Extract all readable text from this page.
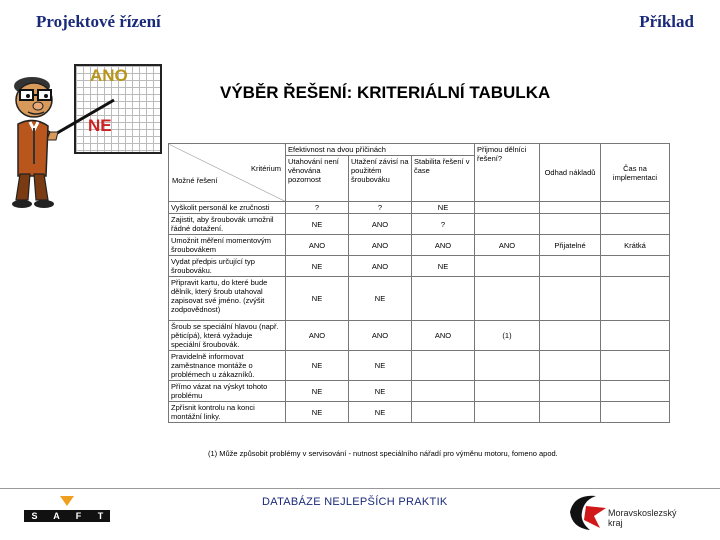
Projektové řízení	Příklad
ANO
NE
VÝBĚR ŘEŠENÍ: KRITERIÁLNÍ TABULKA
Kritérium
Možné řešení	Efektivnost na dvou příčinách			Přijmou dělníci řešení?	Odhad nákladů	Čas na implementaci
	Utahování není věnována pozornost	Utažení závisí na použitém šroubováku	Stabilita řešení v čase			
Vyškolit personál ke zručnosti	?	?	NE			
Zajistit, aby šroubovák umožnil řádné dotažení.	NE	ANO	?			
Umožnit měření momentovým šroubovákem	ANO	ANO	ANO	ANO	Přijatelné	Krátká
Vydat předpis určující typ šroubováku.	NE	ANO	NE			
Připravit kartu, do které bude dělník, který šroub utahoval zapisovat své jméno. (zvýšit zodpovědnost)	NE	NE				
Šroub se speciální hlavou (např. pěticípá), která vyžaduje speciální šroubovák.	ANO	ANO	ANO	(1)		
Pravidelně informovat zaměstnance montáže o problémech u zákazníků.	NE	NE				
Přímo vázat na výskyt tohoto problému	NE	NE				
Zpřísnit kontrolu na konci montážní linky.	NE	NE				
(1) Může způsobit problémy v servisování - nutnost speciálního nářadí pro výměnu motoru, fomeno apod.
S	A	F	T
DATABÁZE NEJLEPŠÍCH PRAKTIK
Moravskoslezský
kraj
